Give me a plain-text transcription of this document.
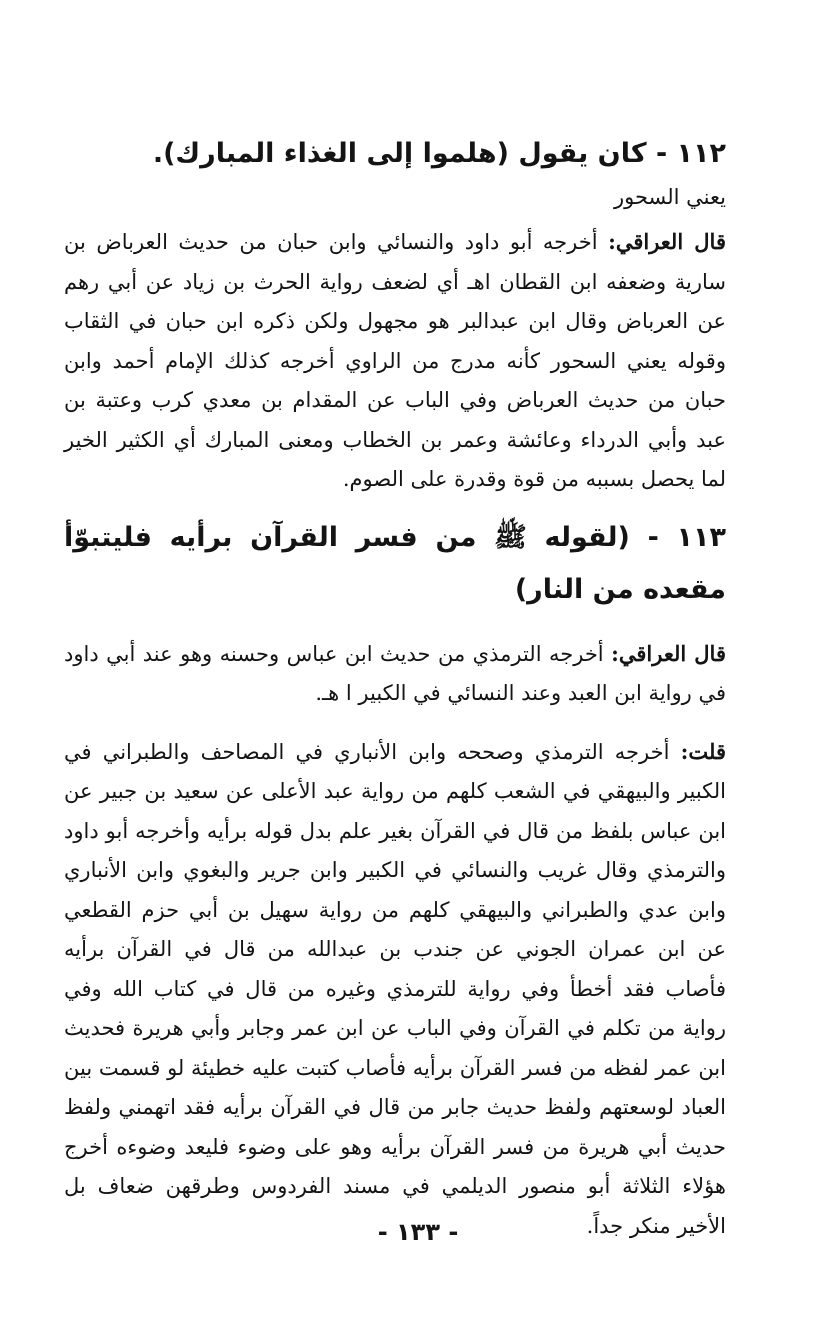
١١٢ - كان يقول (هلموا إلى الغذاء المبارك).

يعني السحور

قال العراقي: أخرجه أبو داود والنسائي وابن حبان من حديث العرباض بن سارية وضعفه ابن القطان اهـ أي لضعف رواية الحرث بن زياد عن أبي رهم عن العرباض وقال ابن عبدالبر هو مجهول ولكن ذكره ابن حبان في الثقاب وقوله يعني السحور كأنه مدرج من الراوي أخرجه كذلك الإمام أحمد وابن حبان من حديث العرباض وفي الباب عن المقدام بن معدي كرب وعتبة بن عبد وأبي الدرداء وعائشة وعمر بن الخطاب ومعنى المبارك أي الكثير الخير لما يحصل بسببه من قوة وقدرة على الصوم.

١١٣ - (لقوله ﷺ من فسر القرآن برأيه فليتبوّأ مقعده من النار)

قال العراقي: أخرجه الترمذي من حديث ابن عباس وحسنه وهو عند أبي داود في رواية ابن العبد وعند النسائي في الكبير ا هـ.

قلت: أخرجه الترمذي وصححه وابن الأنباري في المصاحف والطبراني في الكبير والبيهقي في الشعب كلهم من رواية عبد الأعلى عن سعيد بن جبير عن ابن عباس بلفظ من قال في القرآن بغير علم بدل قوله برأيه وأخرجه أبو داود والترمذي وقال غريب والنسائي في الكبير وابن جرير والبغوي وابن الأنباري وابن عدي والطبراني والبيهقي كلهم من رواية سهيل بن أبي حزم القطعي عن ابن عمران الجوني عن جندب بن عبدالله من قال في القرآن برأيه فأصاب فقد أخطأ وفي رواية للترمذي وغيره من قال في كتاب الله وفي رواية من تكلم في القرآن وفي الباب عن ابن عمر وجابر وأبي هريرة فحديث ابن عمر لفظه من فسر القرآن برأيه فأصاب كتبت عليه خطيئة لو قسمت بين العباد لوسعتهم ولفظ حديث جابر من قال في القرآن برأيه فقد اتهمني ولفظ حديث أبي هريرة من فسر القرآن برأيه وهو على وضوء فليعد وضوءه أخرج هؤلاء الثلاثة أبو منصور الديلمي في مسند الفردوس وطرقهن ضعاف بل الأخير منكر جداً.

- ١٣٣ -
